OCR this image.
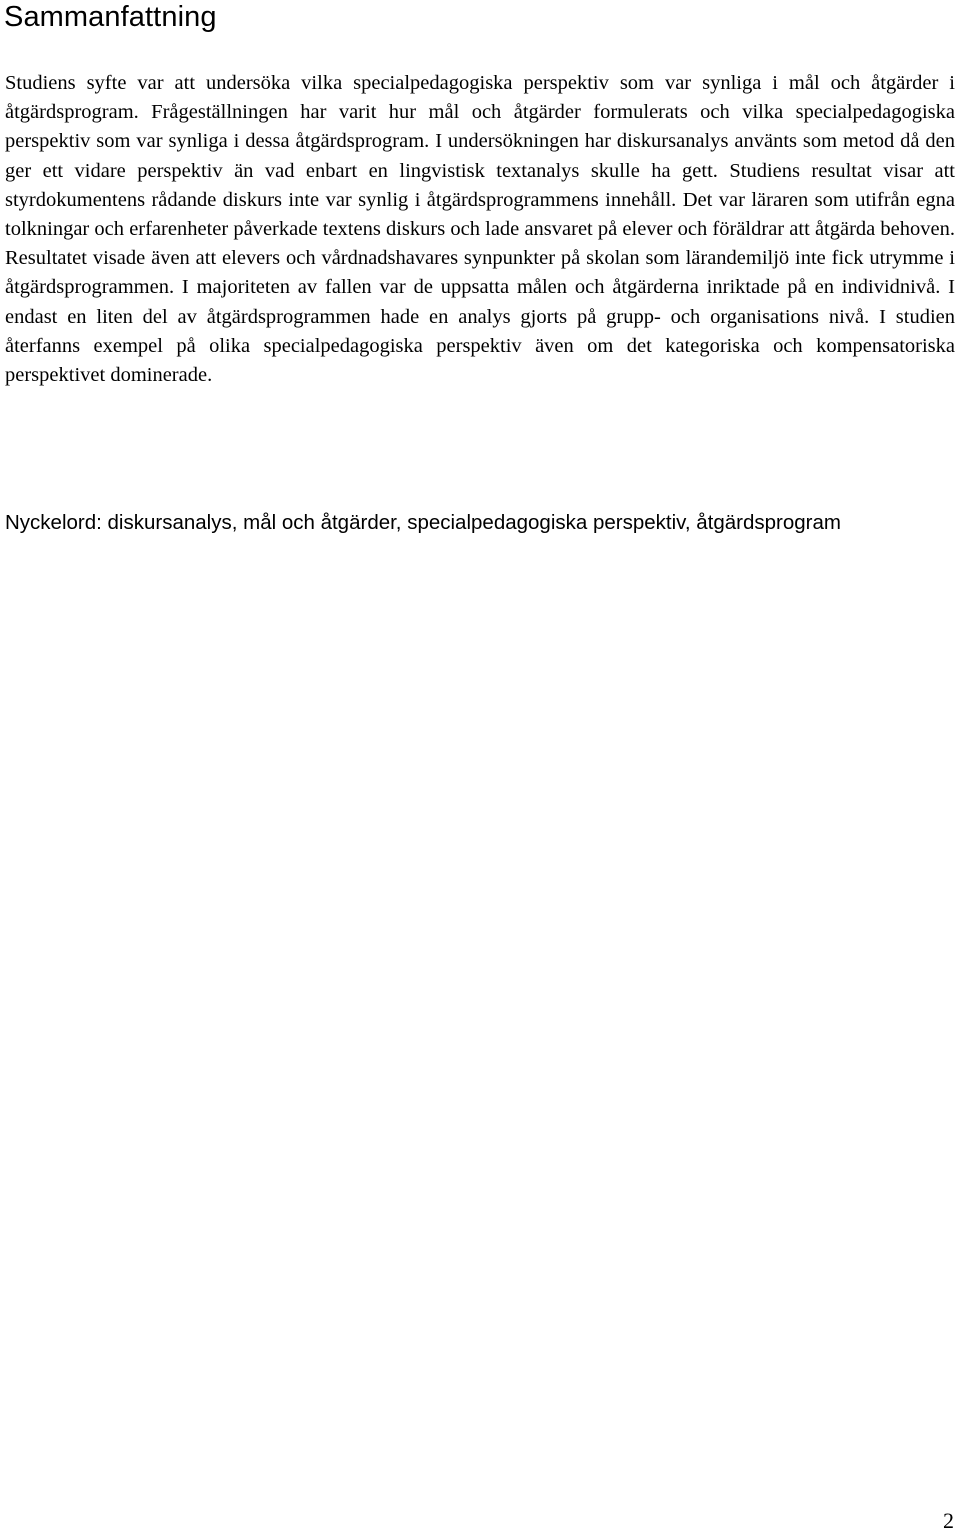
Sammanfattning

Studiens syfte var att undersöka vilka specialpedagogiska perspektiv som var synliga i mål och åtgärder i åtgärdsprogram. Frågeställningen har varit hur mål och åtgärder formulerats och vilka specialpedagogiska perspektiv som var synliga i dessa åtgärdsprogram. I undersökningen har diskursanalys använts som metod då den ger ett vidare perspektiv än vad enbart en lingvistisk textanalys skulle ha gett. Studiens resultat visar att styrdokumentens rådande diskurs inte var synlig i åtgärdsprogrammens innehåll. Det var läraren som utifrån egna tolkningar och erfarenheter påverkade textens diskurs och lade ansvaret på elever och föräldrar att åtgärda behoven. Resultatet visade även att elevers och vårdnadshavares synpunkter på skolan som lärandemiljö inte fick utrymme i åtgärdsprogrammen. I majoriteten av fallen var de uppsatta målen och åtgärderna inriktade på en individnivå. I endast en liten del av åtgärdsprogrammen hade en analys gjorts på grupp- och organisations nivå. I studien återfanns exempel på olika specialpedagogiska perspektiv även om det kategoriska och kompensatoriska perspektivet dominerade.

Nyckelord: diskursanalys, mål och åtgärder, specialpedagogiska perspektiv, åtgärdsprogram

2
